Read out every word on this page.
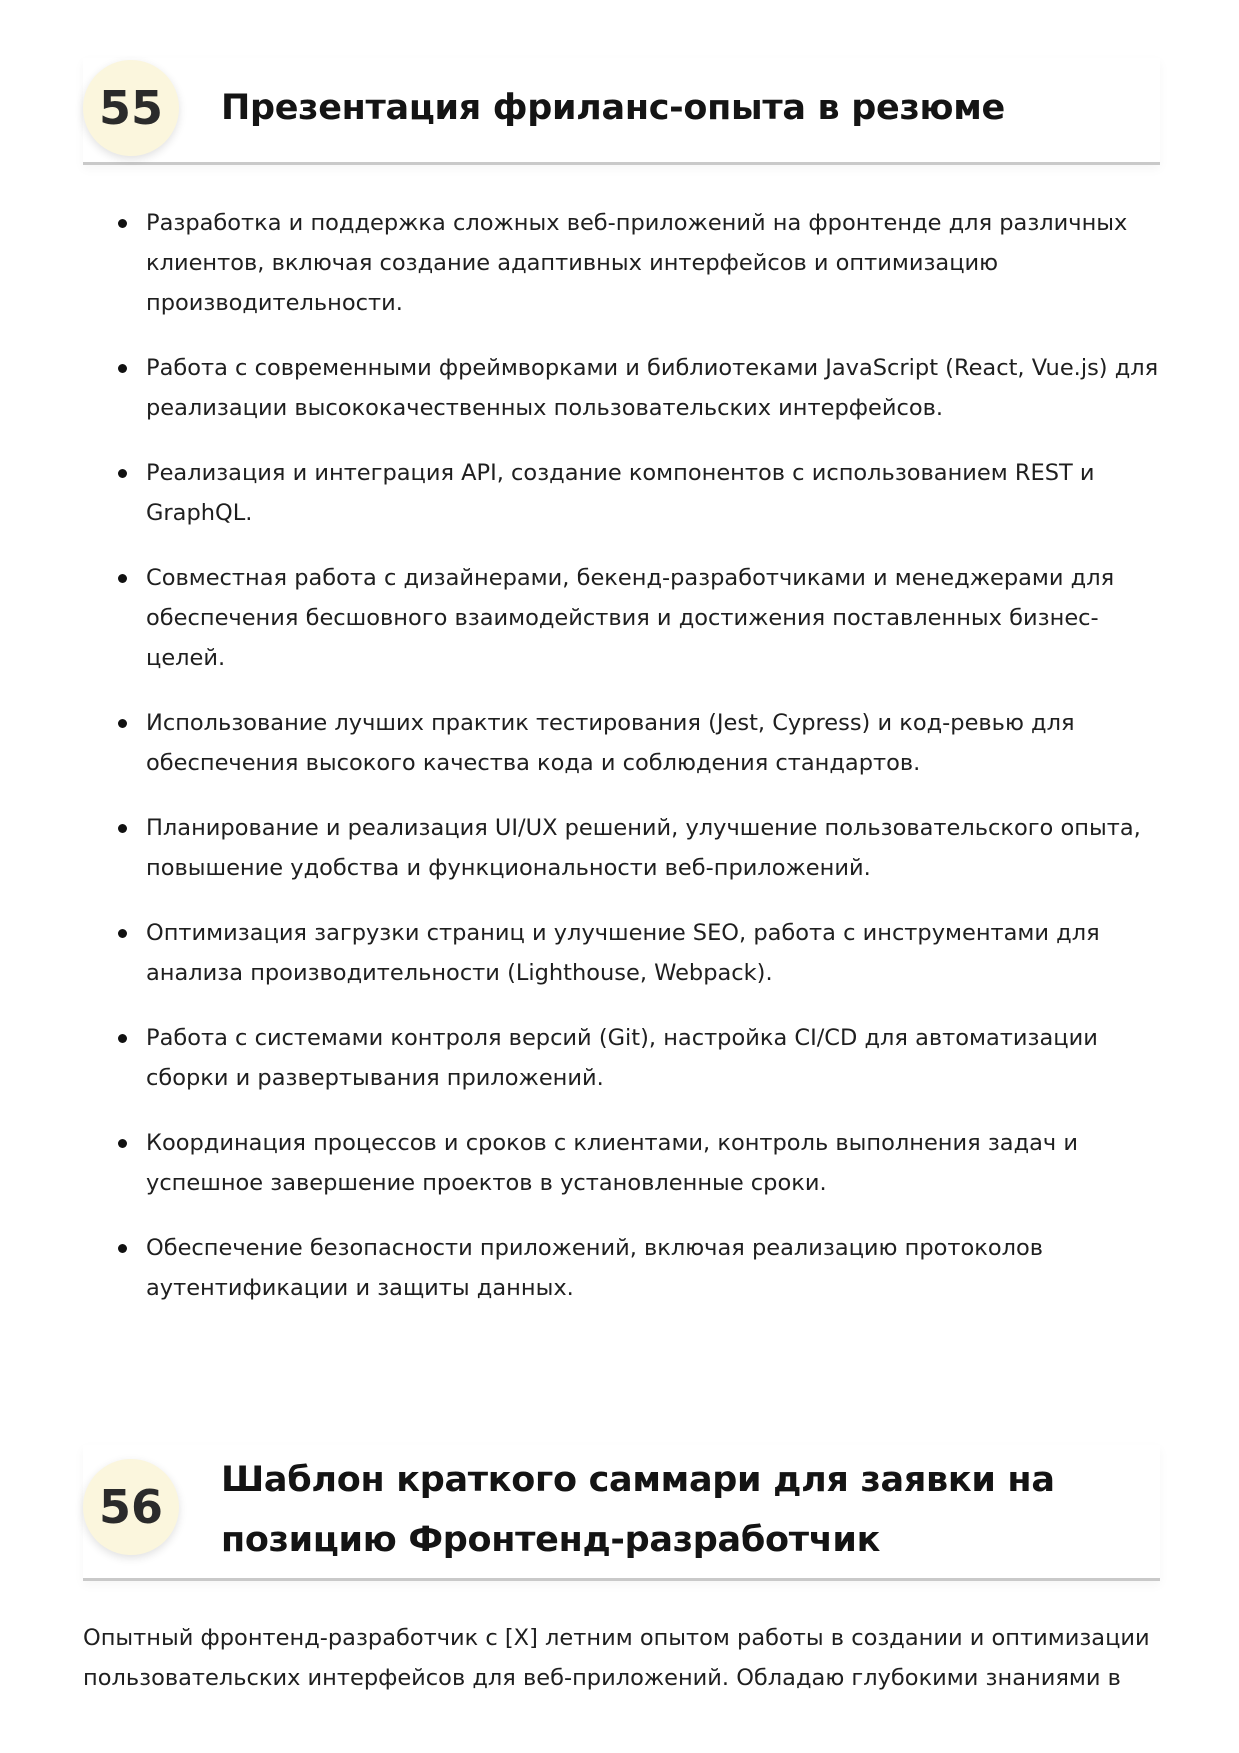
55	Презентация фриланс-опыта в резюме
Разработка и поддержка сложных веб-приложений на фронтенде для различных клиентов, включая создание адаптивных интерфейсов и оптимизацию производительности.
Работа с современными фреймворками и библиотеками JavaScript (React, Vue.js) для реализации высококачественных пользовательских интерфейсов.
Реализация и интеграция API, создание компонентов с использованием REST и GraphQL.
Совместная работа с дизайнерами, бекенд-разработчиками и менеджерами для обеспечения бесшовного взаимодействия и достижения поставленных бизнес-целей.
Использование лучших практик тестирования (Jest, Cypress) и код-ревью для обеспечения высокого качества кода и соблюдения стандартов.
Планирование и реализация UI/UX решений, улучшение пользовательского опыта, повышение удобства и функциональности веб-приложений.
Оптимизация загрузки страниц и улучшение SEO, работа с инструментами для анализа производительности (Lighthouse, Webpack).
Работа с системами контроля версий (Git), настройка CI/CD для автоматизации сборки и развертывания приложений.
Координация процессов и сроков с клиентами, контроль выполнения задач и успешное завершение проектов в установленные сроки.
Обеспечение безопасности приложений, включая реализацию протоколов аутентификации и защиты данных.
56	Шаблон краткого саммари для заявки на позицию Фронтенд-разработчик

Опытный фронтенд-разработчик с [X] летним опытом работы в создании и оптимизации пользовательских интерфейсов для веб-приложений. Обладаю глубокими знаниями в
